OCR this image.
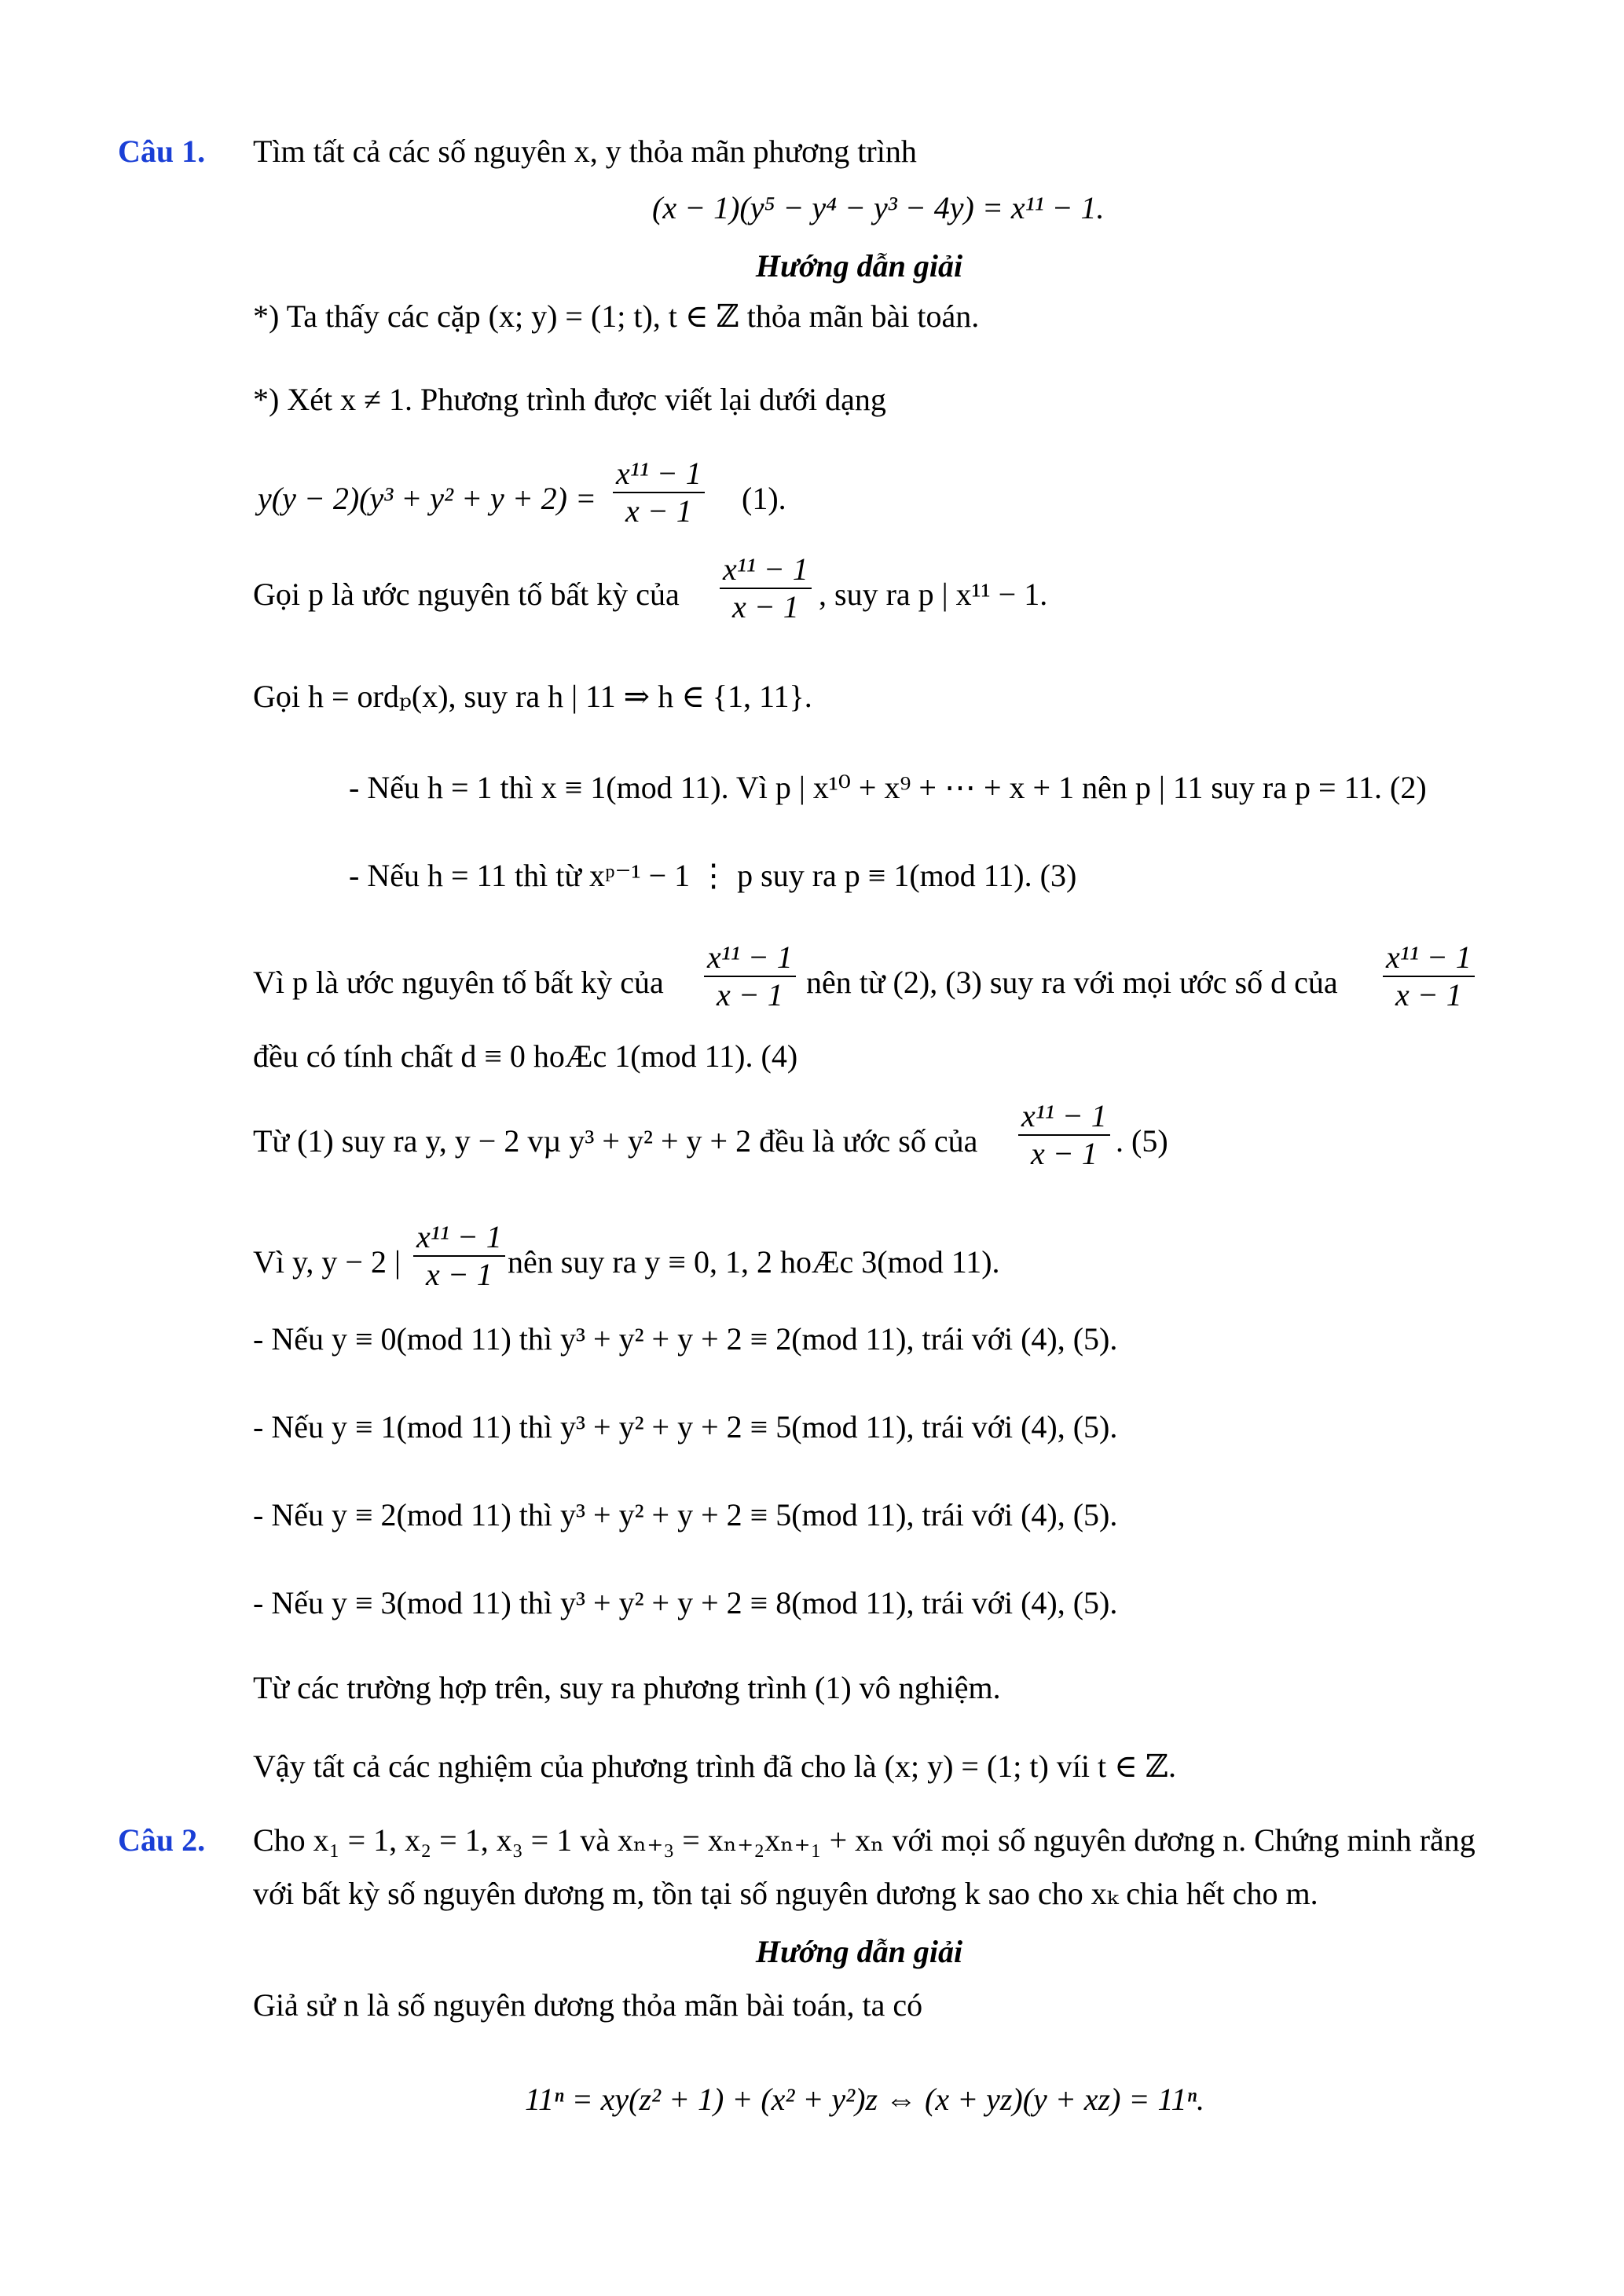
Câu 1. Tìm tất cả các số nguyên x, y thỏa mãn phương trình
(x − 1)(y⁵ − y⁴ − y³ − 4y) = x¹¹ − 1.
Hướng dẫn giải
*) Ta thấy các cặp (x; y) = (1; t), t ∈ ℤ thỏa mãn bài toán.
*) Xét x ≠ 1. Phương trình được viết lại dưới dạng
y(y − 2)(y³ + y² + y + 2) =
x¹¹ − 1
x − 1	(1).
Gọi p là ước nguyên tố bất kỳ của
x¹¹ − 1
x − 1 , suy ra p | x¹¹ − 1.
Gọi h = ordₚ(x), suy ra h | 11 ⇒ h ∈ {1, 11}.
- Nếu h = 1 thì x ≡ 1(mod 11). Vì p | x¹⁰ + x⁹ + ⋯ + x + 1 nên p | 11 suy ra p = 11. (2)
- Nếu h = 11 thì từ xᵖ⁻¹ − 1 ⋮ p suy ra p ≡ 1(mod 11). (3)
Vì p là ước nguyên tố bất kỳ của
x¹¹ − 1
x − 1 nên từ (2), (3) suy ra với mọi ước số d của
x¹¹ − 1
x − 1
đều có tính chất d ≡ 0 hoÆc 1(mod 11). (4)
Từ (1) suy ra y, y − 2 vµ y³ + y² + y + 2 đều là ước số của
x¹¹ − 1
x − 1 . (5)
Vì y, y − 2 |
x¹¹ − 1
x − 1 nên suy ra y ≡ 0, 1, 2 hoÆc 3(mod 11).
- Nếu y ≡ 0(mod 11) thì y³ + y² + y + 2 ≡ 2(mod 11), trái với (4), (5).
- Nếu y ≡ 1(mod 11) thì y³ + y² + y + 2 ≡ 5(mod 11), trái với (4), (5).
- Nếu y ≡ 2(mod 11) thì y³ + y² + y + 2 ≡ 5(mod 11), trái với (4), (5).
- Nếu y ≡ 3(mod 11) thì y³ + y² + y + 2 ≡ 8(mod 11), trái với (4), (5).
Từ các trường hợp trên, suy ra phương trình (1) vô nghiệm.
Vậy tất cả các nghiệm của phương trình đã cho là (x; y) = (1; t) víi t ∈ ℤ.
Câu 2. Cho x₁ = 1, x₂ = 1, x₃ = 1 và xₙ₊₃ = xₙ₊₂xₙ₊₁ + xₙ với mọi số nguyên dương n. Chứng minh rằng
với bất kỳ số nguyên dương m, tồn tại số nguyên dương k sao cho xₖ chia hết cho m.
Hướng dẫn giải
Giả sử n là số nguyên dương thỏa mãn bài toán, ta có
11ⁿ = xy(z² + 1) + (x² + y²)z ⇔ (x + yz)(y + xz) = 11ⁿ.
